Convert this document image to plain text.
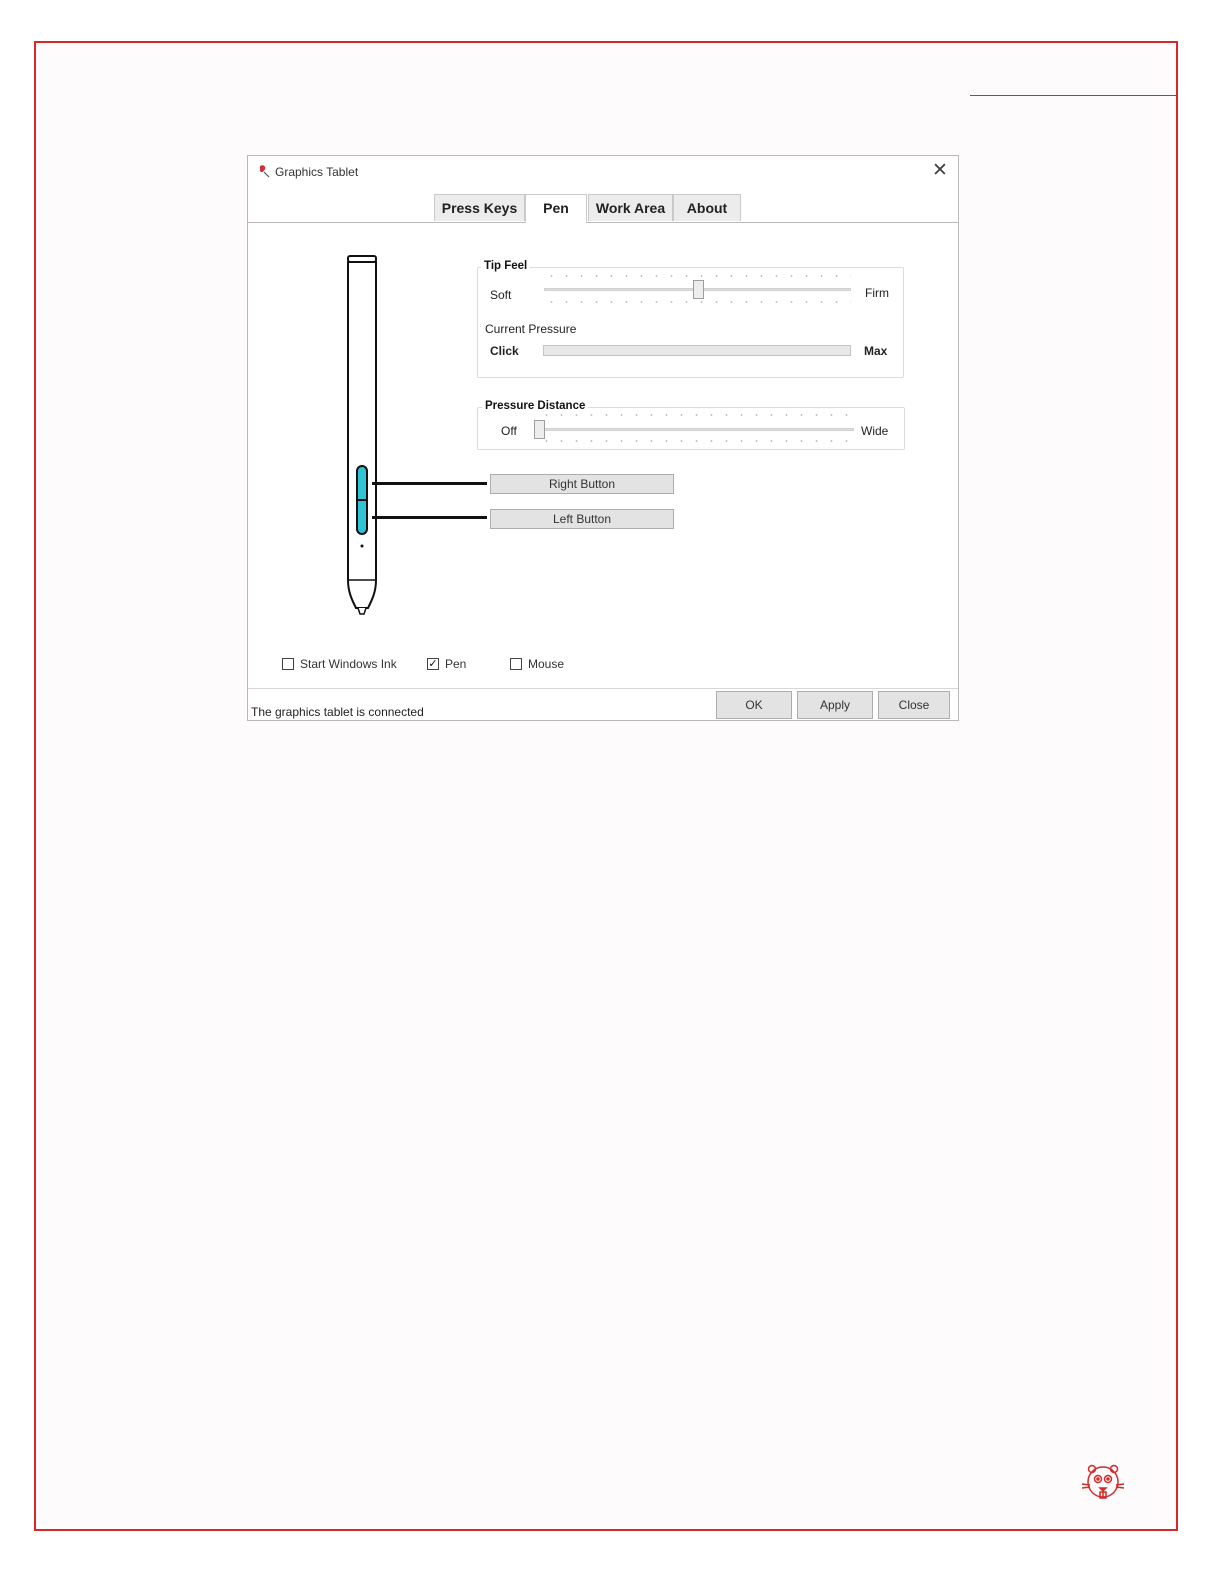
Graphics Tablet	✕
Press Keys	Pen	Work Area	About
Tip Feel
Soft	Firm
Current Pressure
Click	Max
Pressure Distance
Off	Wide
Right Button
Left Button
Start Windows Ink	✓ Pen	Mouse
The graphics tablet is connected	OK	Apply	Close
